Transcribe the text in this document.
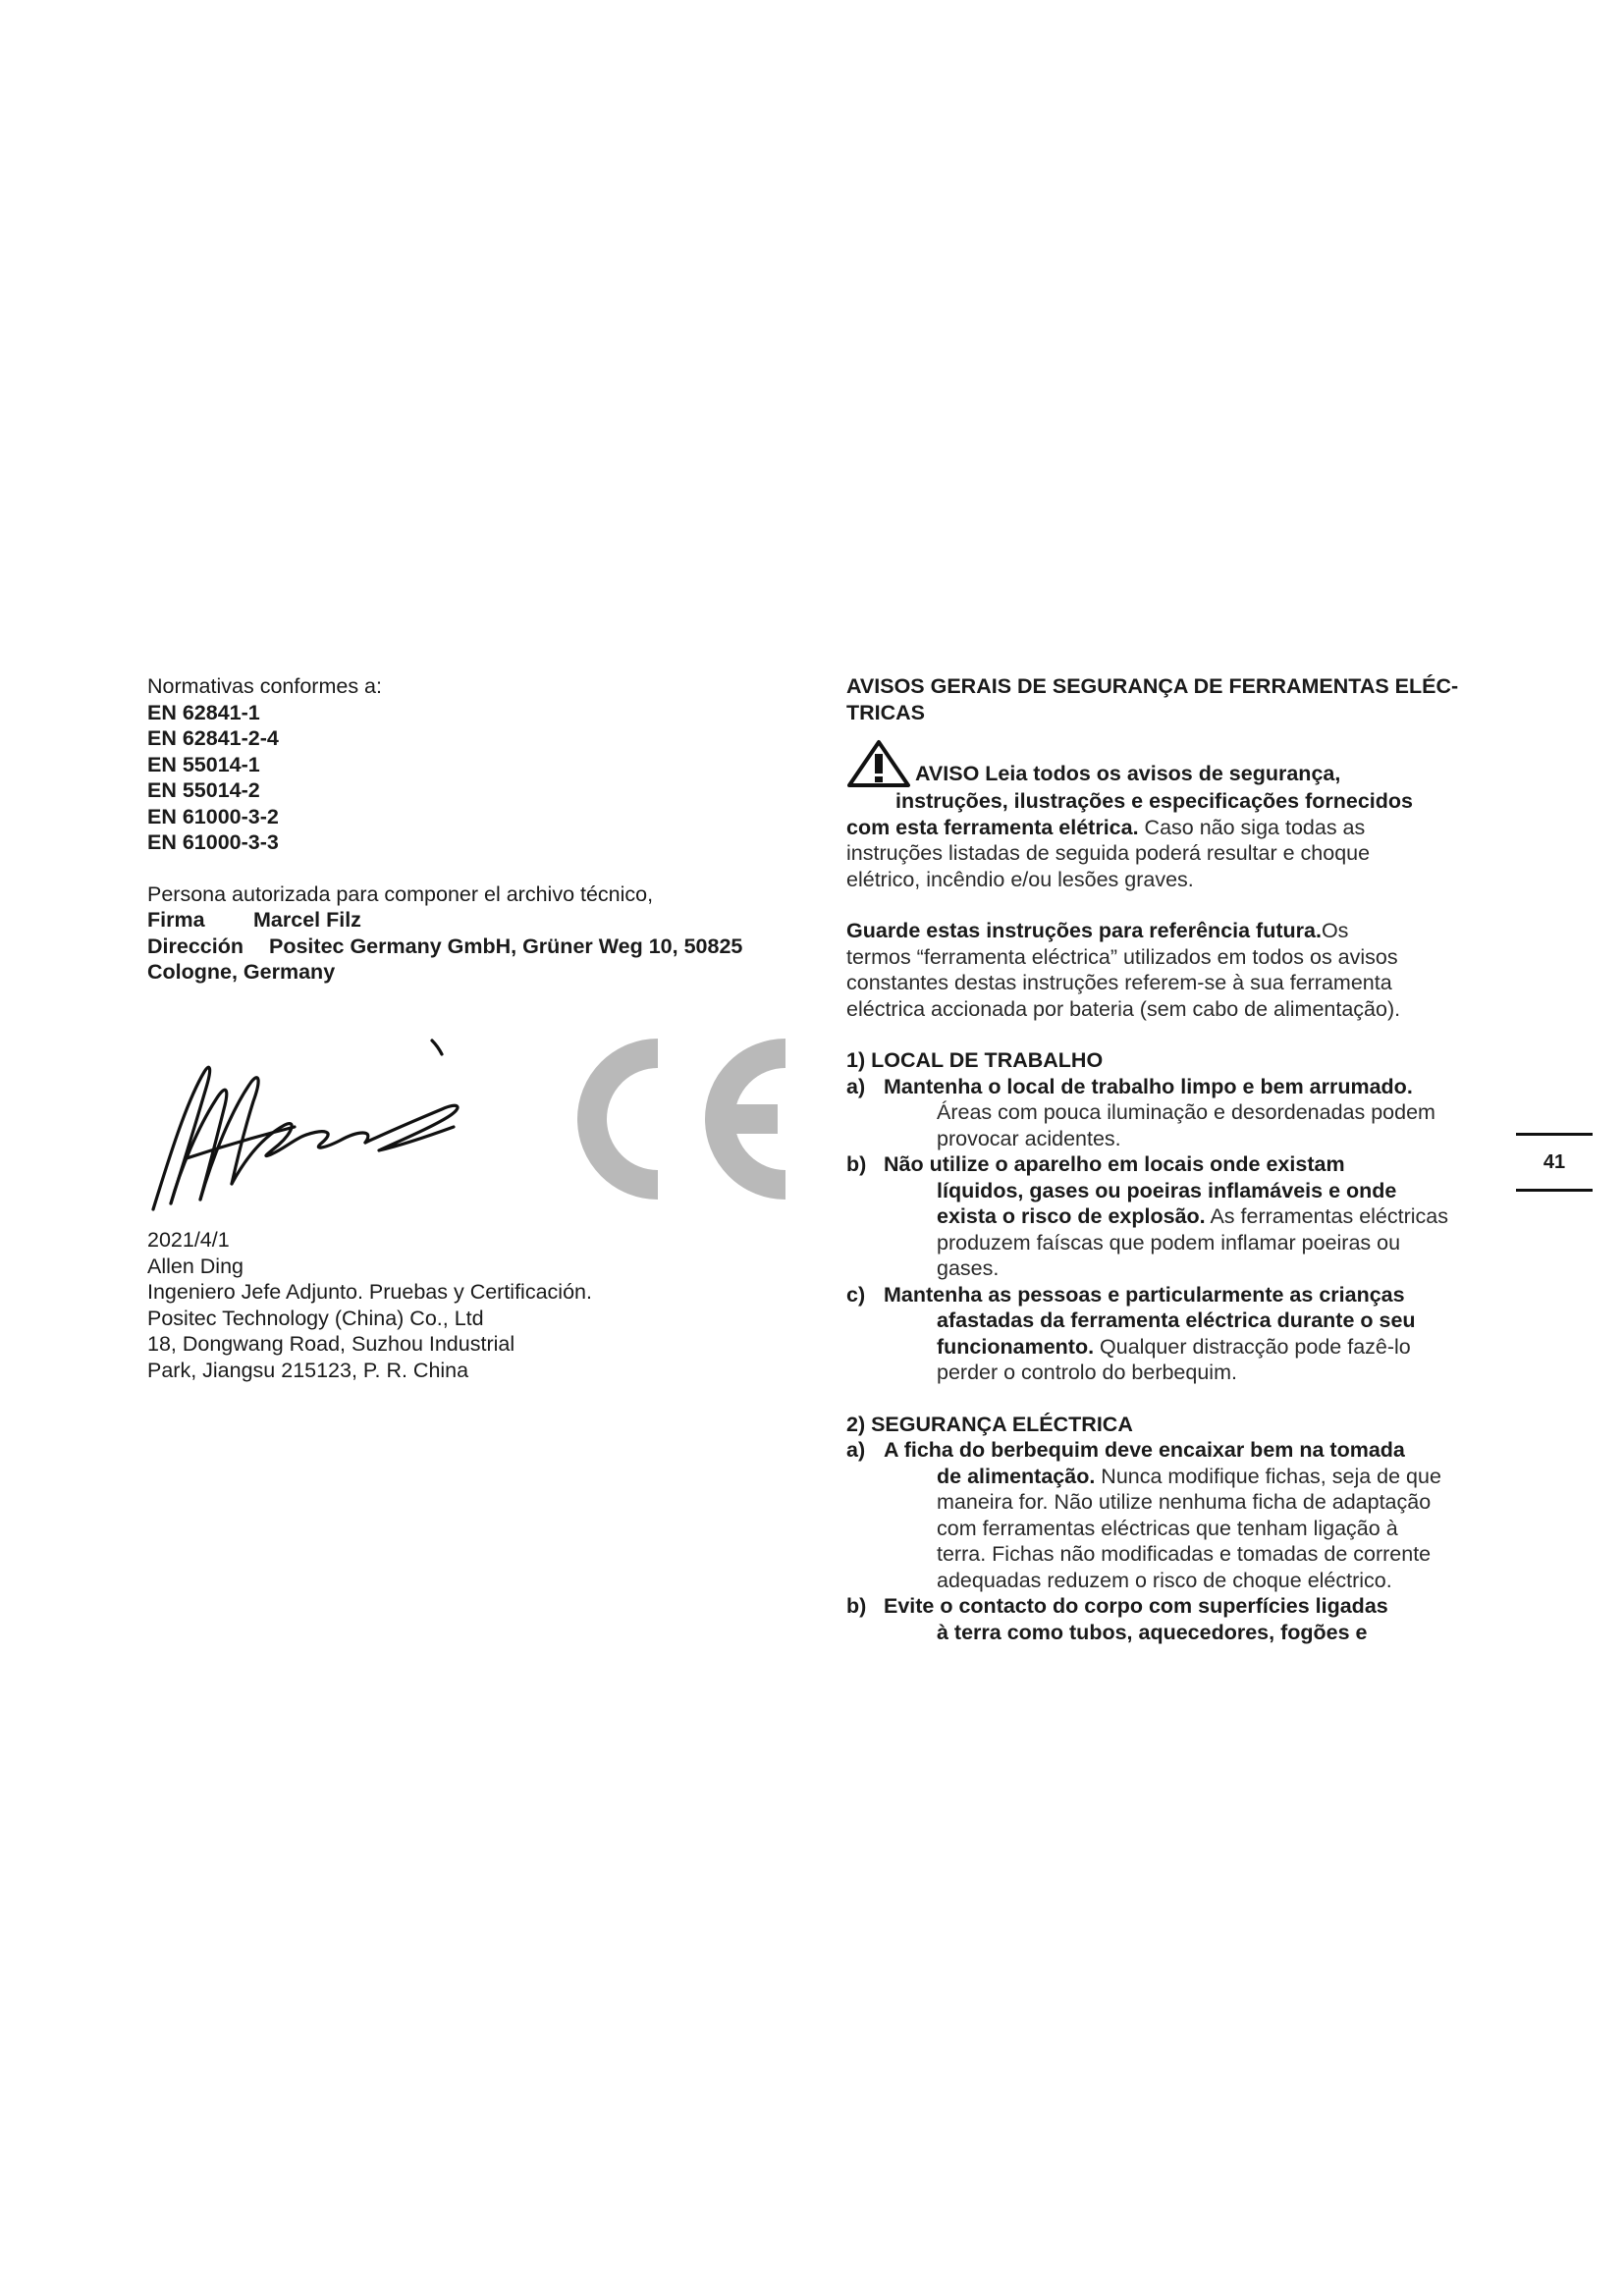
Normativas conformes a:
EN 62841-1
EN 62841-2-4
EN 55014-1
EN 55014-2
EN 61000-3-2
EN 61000-3-3
Persona autorizada para componer el archivo técnico,
Firma Marcel Filz
Dirección Positec Germany GmbH, Grüner Weg 10, 50825
Cologne, Germany
2021/4/1
Allen Ding
Ingeniero Jefe Adjunto. Pruebas y Certificación.
Positec Technology (China) Co., Ltd
18, Dongwang Road, Suzhou Industrial
Park, Jiangsu 215123, P. R. China
AVISOS GERAIS DE SEGURANÇA DE FERRAMENTAS ELÉC-
TRICAS
AVISO Leia todos os avisos de segurança,
instruções, ilustrações e especificações fornecidos
com esta ferramenta elétrica. Caso não siga todas as
instruções listadas de seguida poderá resultar e choque
elétrico, incêndio e/ou lesões graves.
Guarde estas instruções para referência futura.Os
termos “ferramenta eléctrica” utilizados em todos os avisos
constantes destas instruções referem-se à sua ferramenta
eléctrica accionada por bateria (sem cabo de alimentação).
1) LOCAL DE TRABALHO
a) Mantenha o local de trabalho limpo e bem arrumado.
Áreas com pouca iluminação e desordenadas podem
provocar acidentes.
b) Não utilize o aparelho em locais onde existam
líquidos, gases ou poeiras inflamáveis e onde
exista o risco de explosão. As ferramentas eléctricas
produzem faíscas que podem inflamar poeiras ou
gases.
c) Mantenha as pessoas e particularmente as crianças
afastadas da ferramenta eléctrica durante o seu
funcionamento. Qualquer distracção pode fazê-lo
perder o controlo do berbequim.
2) SEGURANÇA ELÉCTRICA
a) A ficha do berbequim deve encaixar bem na tomada
de alimentação. Nunca modifique fichas, seja de que
maneira for. Não utilize nenhuma ficha de adaptação
com ferramentas eléctricas que tenham ligação à
terra. Fichas não modificadas e tomadas de corrente
adequadas reduzem o risco de choque eléctrico.
b) Evite o contacto do corpo com superfícies ligadas
à terra como tubos, aquecedores, fogões e
41
